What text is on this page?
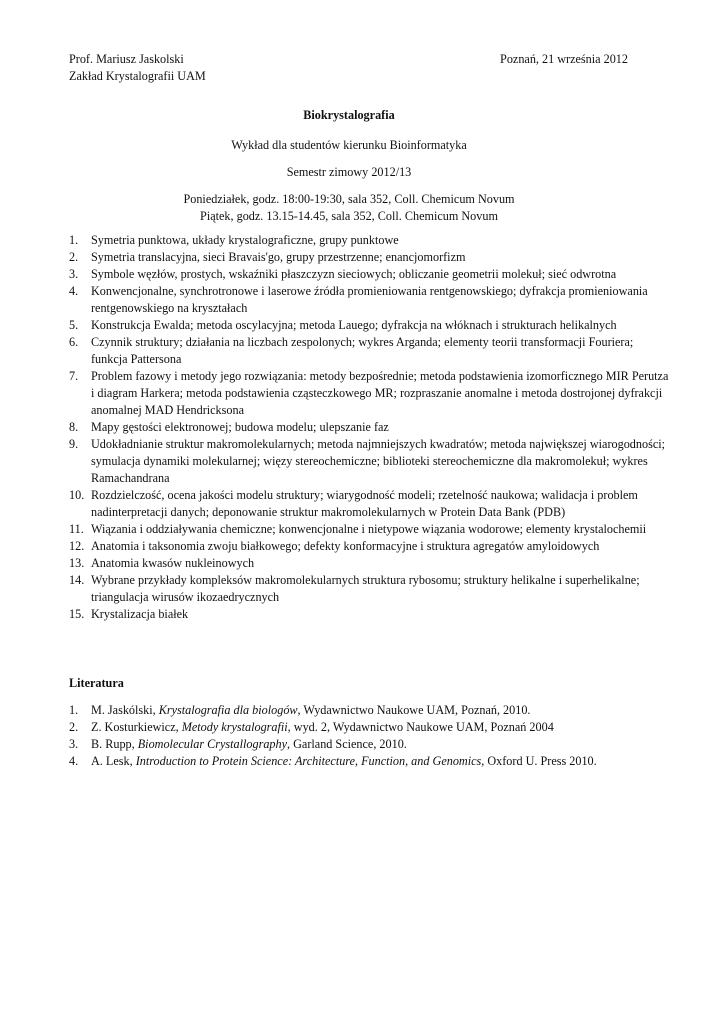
Prof. Mariusz Jaskolski
Zakład Krystalografii UAM
Poznań, 21 września 2012
Biokrystalografia
Wykład dla studentów kierunku Bioinformatyka
Semestr zimowy 2012/13
Poniedziałek, godz. 18:00-19:30, sala 352, Coll. Chemicum Novum
Piątek, godz. 13.15-14.45, sala 352, Coll. Chemicum Novum
1.	Symetria punktowa, układy krystalograficzne, grupy punktowe
2.	Symetria translacyjna, sieci Bravais'go, grupy przestrzenne; enancjomorfizm
3.	Symbole węzłów, prostych, wskaźniki płaszczyzn sieciowych; obliczanie geometrii molekuł; sieć odwrotna
4.	Konwencjonalne, synchrotronowe i laserowe źródła promieniowania rentgenowskiego; dyfrakcja promieniowania rentgenowskiego na kryształach
5.	Konstrukcja Ewalda; metoda oscylacyjna; metoda Lauego; dyfrakcja na włóknach i strukturach helikalnych
6.	Czynnik struktury; działania na liczbach zespolonych; wykres Arganda; elementy teorii transformacji Fouriera; funkcja Pattersona
7.	Problem fazowy i metody jego rozwiązania: metody bezpośrednie; metoda podstawienia izomorficznego MIR Perutza i diagram Harkera; metoda podstawienia cząsteczkowego MR; rozpraszanie anomalne i metoda dostrojonej dyfrakcji anomalnej MAD Hendricksona
8.	Mapy gęstości elektronowej; budowa modelu; ulepszanie faz
9.	Udokładnianie struktur makromolekularnych; metoda najmniejszych kwadratów; metoda największej wiarogodności; symulacja dynamiki molekularnej; więzy stereochemiczne; biblioteki stereochemiczne dla makromolekuł; wykres Ramachandrana
10. Rozdzielczość, ocena jakości modelu struktury; wiarygodność modeli; rzetelność naukowa; walidacja i problem nadinterpretacji danych; deponowanie struktur makromolekularnych w Protein Data Bank (PDB)
11. Wiązania i oddziaływania chemiczne; konwencjonalne i nietypowe wiązania wodorowe; elementy krystalochemii
12. Anatomia i taksonomia zwoju białkowego; defekty konformacyjne i struktura agregatów amyloidowych
13. Anatomia kwasów nukleinowych
14. Wybrane przykłady kompleksów makromolekularnych struktura rybosomu; struktury helikalne i superhelikalne; triangulacja wirusów ikozaedrycznych
15. Krystalizacja białek
Literatura
1.	M. Jaskólski, Krystalografia dla biologów, Wydawnictwo Naukowe UAM, Poznań, 2010.
2.	Z. Kosturkiewicz, Metody krystalografii, wyd. 2, Wydawnictwo Naukowe UAM, Poznań 2004
3.	B. Rupp, Biomolecular Crystallography, Garland Science, 2010.
4.	A. Lesk, Introduction to Protein Science: Architecture, Function, and Genomics, Oxford U. Press 2010.
